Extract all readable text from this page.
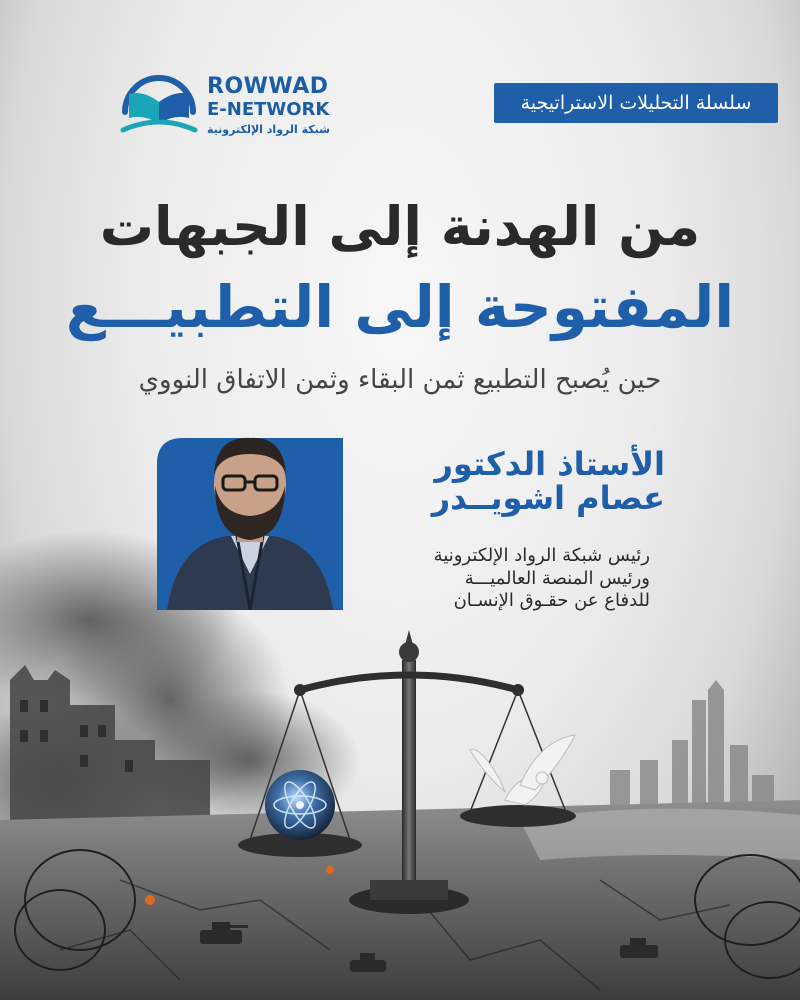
ROWWAD
E-NETWORK
شبكة الرواد الإلكترونية
سلسلة التحليلات الاستراتيجية
من الهدنة إلى الجبهات
المفتوحة إلى التطبيـــع

حين يُصبح التطبيع ثمن البقاء وثمن الاتفاق النووي

الأستاذ الدكتور
عصام اشويــدر
رئيس شبكة الرواد الإلكترونية
ورئيس المنصة العالميـــة
للدفاع عن حقـوق الإنسـان
